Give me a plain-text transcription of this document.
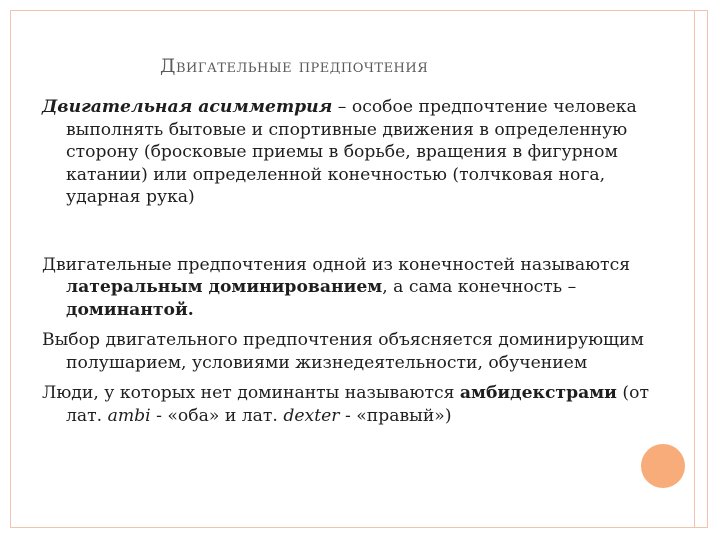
Двигательные предпочтения

Двигательная асимметрия – особое предпочтение человека выполнять бытовые и спортивные движения в определенную сторону (бросковые приемы в борьбе, вращения в фигурном катании) или определенной конечностью (толчковая нога, ударная рука)

Двигательные предпочтения одной из конечностей называются латеральным доминированием, а сама конечность – доминантой.

Выбор двигательного предпочтения объясняется доминирующим полушарием, условиями жизнедеятельности, обучением

Люди, у которых нет доминанты называются амбидекстрами (от лат. ambi - «оба» и лат. dexter - «правый»)
